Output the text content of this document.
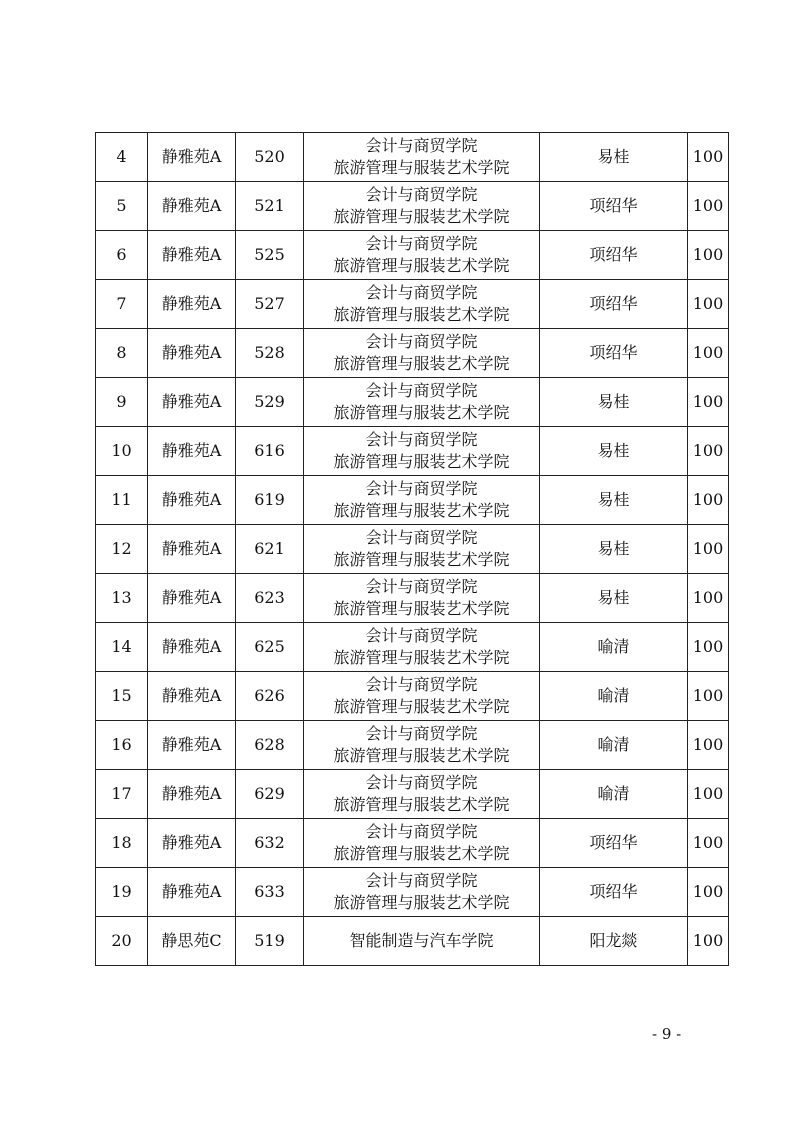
4	静雅苑A	520	会计与商贸学院
旅游管理与服装艺术学院	易桂	100
5	静雅苑A	521	会计与商贸学院
旅游管理与服装艺术学院	项绍华	100
6	静雅苑A	525	会计与商贸学院
旅游管理与服装艺术学院	项绍华	100
7	静雅苑A	527	会计与商贸学院
旅游管理与服装艺术学院	项绍华	100
8	静雅苑A	528	会计与商贸学院
旅游管理与服装艺术学院	项绍华	100
9	静雅苑A	529	会计与商贸学院
旅游管理与服装艺术学院	易桂	100
10	静雅苑A	616	会计与商贸学院
旅游管理与服装艺术学院	易桂	100
11	静雅苑A	619	会计与商贸学院
旅游管理与服装艺术学院	易桂	100
12	静雅苑A	621	会计与商贸学院
旅游管理与服装艺术学院	易桂	100
13	静雅苑A	623	会计与商贸学院
旅游管理与服装艺术学院	易桂	100
14	静雅苑A	625	会计与商贸学院
旅游管理与服装艺术学院	喻清	100
15	静雅苑A	626	会计与商贸学院
旅游管理与服装艺术学院	喻清	100
16	静雅苑A	628	会计与商贸学院
旅游管理与服装艺术学院	喻清	100
17	静雅苑A	629	会计与商贸学院
旅游管理与服装艺术学院	喻清	100
18	静雅苑A	632	会计与商贸学院
旅游管理与服装艺术学院	项绍华	100
19	静雅苑A	633	会计与商贸学院
旅游管理与服装艺术学院	项绍华	100
20	静思苑C	519	智能制造与汽车学院	阳龙燚	100
- 9 -
